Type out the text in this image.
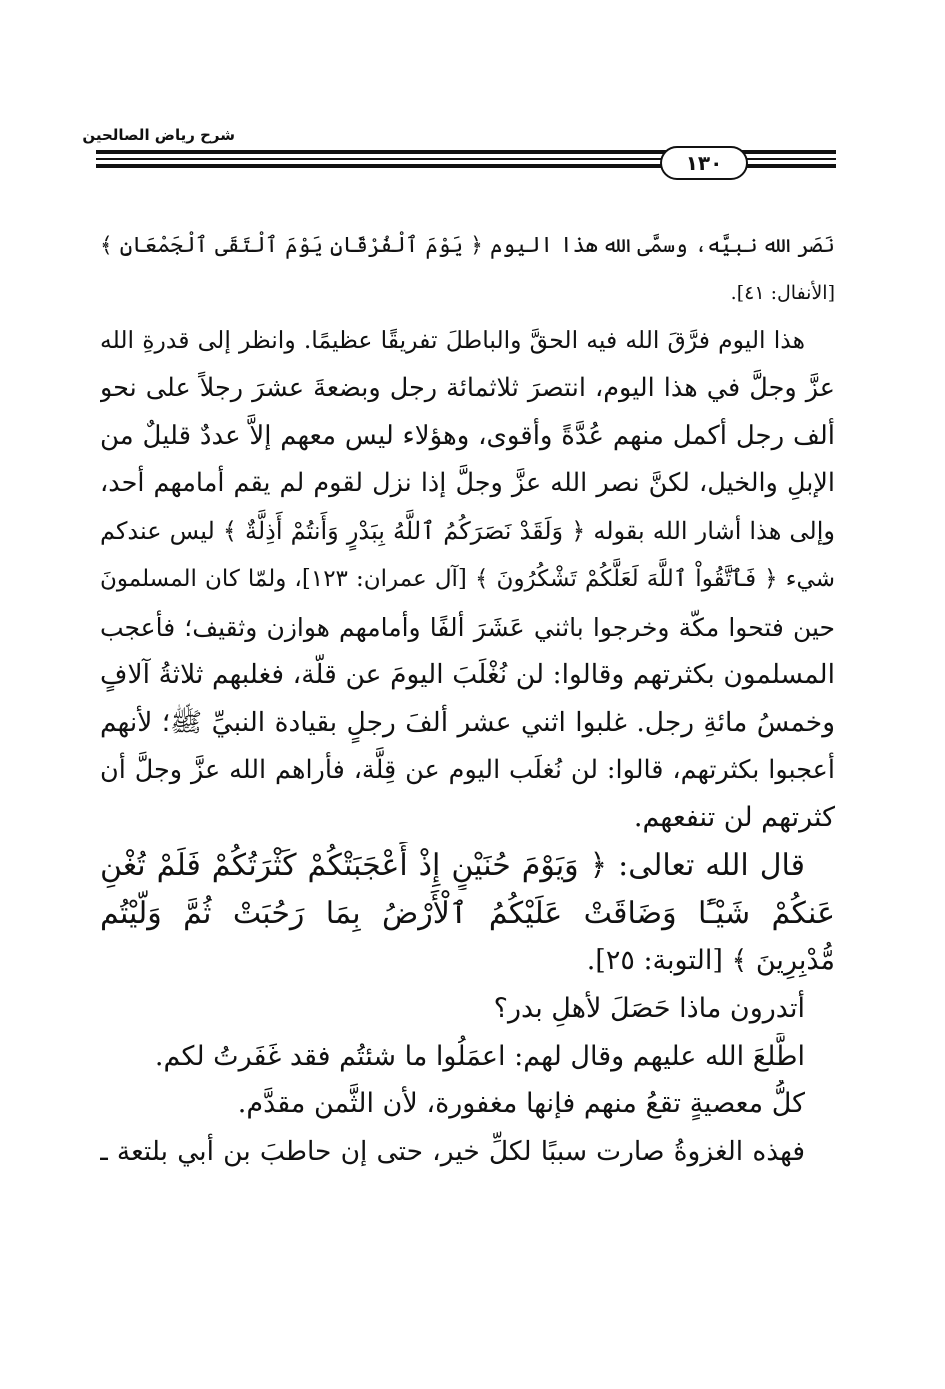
شرح رياض الصالحين
١٣٠
نَصَر الله نبيَّه، وسمَّى الله هذا اليوم ﴿ يَوْمَ ٱلْفُرْقَانِ يَوْمَ ٱلْتَقَى ٱلْجَمْعَانِ ﴾
[الأنفال: ٤١].
هذا اليوم فرَّقَ الله فيه الحقَّ والباطلَ تفريقًا عظيمًا. وانظر إلى قدرةِ الله
عزَّ وجلَّ في هذا اليوم، انتصرَ ثلاثمائة رجل وبضعةَ عشرَ رجلاً على نحو
ألف رجل أكمل منهم عُدَّةً وأقوى، وهؤلاء ليس معهم إلاَّ عددٌ قليلٌ من
الإبلِ والخيل، لكنَّ نصر الله عزَّ وجلَّ إذا نزل لقوم لم يقم أمامهم أحد،
وإلى هذا أشار الله بقوله ﴿ وَلَقَدْ نَصَرَكُمُ ٱللَّهُ بِبَدْرٍ وَأَنتُمْ أَذِلَّةٌ ﴾ ليس عندكم
شيء ﴿ فَٱتَّقُواْ ٱللَّهَ لَعَلَّكُمْ تَشْكُرُونَ ﴾ [آل عمران: ١٢٣]، ولمّا كان المسلمونَ
حين فتحوا مكّة وخرجوا باثني عَشَرَ ألفًا وأمامهم هوازن وثقيف؛ فأعجب
المسلمون بكثرتهم وقالوا: لن نُغْلَبَ اليومَ عن قلّة، فغلبهم ثلاثةُ آلافٍ
وخمسُ مائةِ رجل. غلبوا اثني عشر ألفَ رجلٍ بقيادة النبيِّ ﷺ؛ لأنهم
أعجبوا بكثرتهم، قالوا: لن نُغلَب اليوم عن قِلَّة، فأراهم الله عزَّ وجلَّ أن
كثرتهم لن تنفعهم.
قال الله تعالى: ﴿ وَيَوْمَ حُنَيْنٍ إِذْ أَعْجَبَتْكُمْ كَثْرَتُكُمْ فَلَمْ تُغْنِ
عَنكُمْ شَيْـًٔا وَضَاقَتْ عَلَيْكُمُ ٱلْأَرْضُ بِمَا رَحُبَتْ ثُمَّ وَلَّيْتُم
مُّدْبِرِينَ ﴾ [التوبة: ٢٥].
أتدرون ماذا حَصَلَ لأهلِ بدر؟
اطَّلعَ الله عليهم وقال لهم: اعمَلُوا ما شئتُم فقد غَفَرتُ لكم.
كلُّ معصيةٍ تقعُ منهم فإنها مغفورة، لأن الثَّمن مقدَّم.
فهذه الغزوةُ صارت سببًا لكلِّ خير، حتى إن حاطبَ بن أبي بلتعة ـ
